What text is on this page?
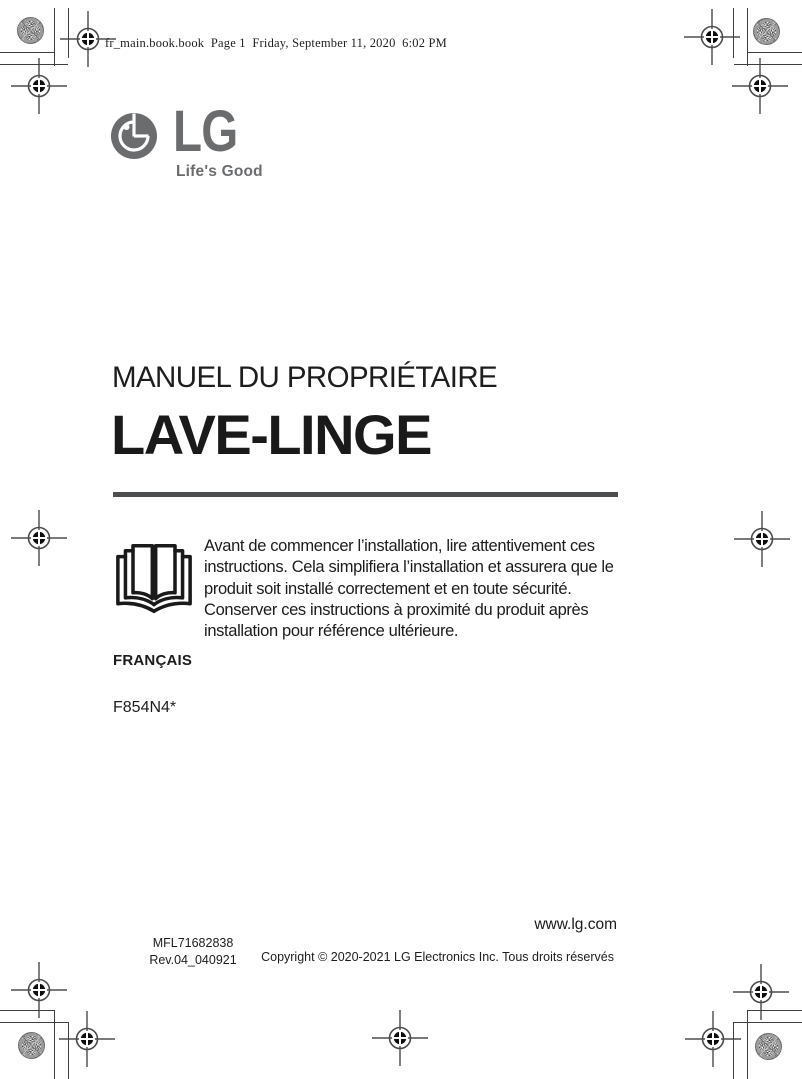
fr_main.book.book  Page 1  Friday, September 11, 2020  6:02 PM
LG
Life's Good
MANUEL DU PROPRIÉTAIRE
LAVE-LINGE
Avant de commencer l’installation, lire attentivement ces
instructions. Cela simplifiera l’installation et assurera que le
produit soit installé correctement et en toute sécurité.
Conserver ces instructions à proximité du produit après
installation pour référence ultérieure.
FRANÇAIS
F854N4*
www.lg.com
MFL71682838
Rev.04_040921	Copyright © 2020-2021 LG Electronics Inc. Tous droits réservés
